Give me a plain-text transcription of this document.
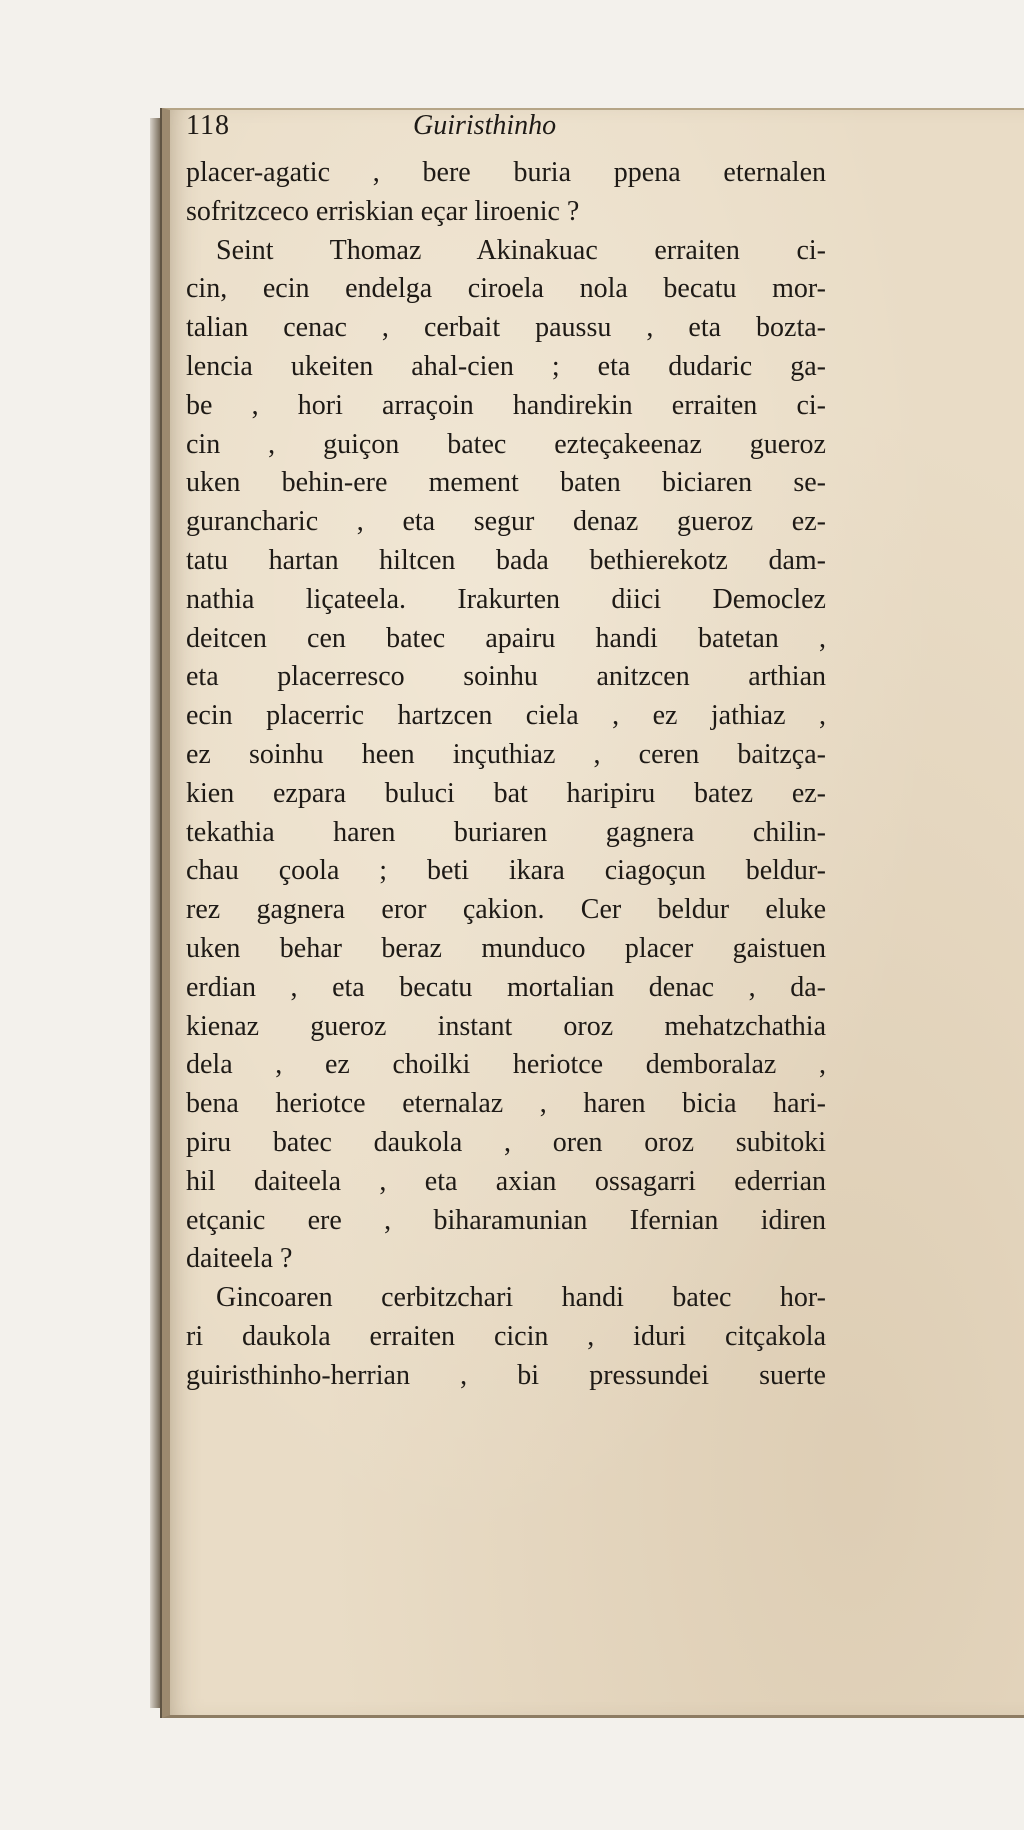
118	Guiristhinho
placer-agatic , bere buria ppena eternalen
sofritzceco erriskian eçar liroenic ?
Seint Thomaz Akinakuac erraiten ci-
cin, ecin endelga ciroela nola becatu mor-
talian cenac , cerbait paussu , eta bozta-
lencia ukeiten ahal-cien ; eta dudaric ga-
be , hori arraçoin handirekin erraiten ci-
cin , guiçon batec ezteçakeenaz gueroz
uken behin-ere mement baten biciaren se-
gurancharic , eta segur denaz gueroz ez-
tatu hartan hiltcen bada bethierekotz dam-
nathia liçateela. Irakurten diici Democlez
deitcen cen batec apairu handi batetan ,
eta placerresco soinhu anitzcen arthian
ecin placerric hartzcen ciela , ez jathiaz ,
ez soinhu heen inçuthiaz , ceren baitzça-
kien ezpara buluci bat haripiru batez ez-
tekathia haren buriaren gagnera chilin-
chau çoola ; beti ikara ciagoçun beldur-
rez gagnera eror çakion. Cer beldur eluke
uken behar beraz munduco placer gaistuen
erdian , eta becatu mortalian denac , da-
kienaz gueroz instant oroz mehatzchathia
dela , ez choilki heriotce demboralaz ,
bena heriotce eternalaz , haren bicia hari-
piru batec daukola , oren oroz subitoki
hil daiteela , eta axian ossagarri ederrian
etçanic ere , biharamunian Ifernian idiren
daiteela ?
Gincoaren cerbitzchari handi batec hor-
ri daukola erraiten cicin , iduri citçakola
guiristhinho-herrian , bi pressundei suerte
